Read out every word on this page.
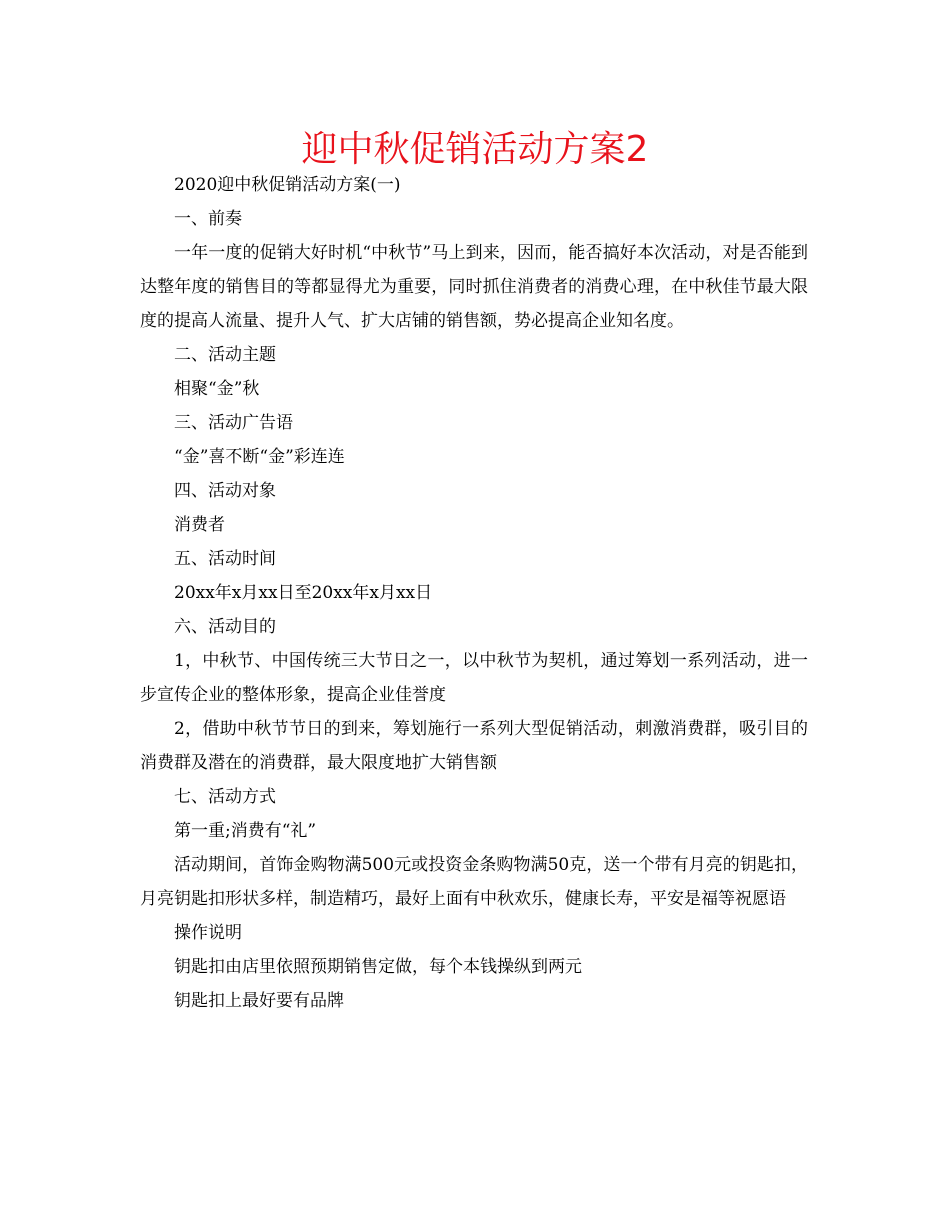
迎中秋促销活动方案2

2020迎中秋促销活动方案(一)

一、前奏

一年一度的促销大好时机“中秋节”马上到来，因而，能否搞好本次活动，对是否能到达整年度的销售目的等都显得尤为重要，同时抓住消费者的消费心理，在中秋佳节最大限度的提高人流量、提升人气、扩大店铺的销售额，势必提高企业知名度。

二、活动主题

相聚“金”秋

三、活动广告语

“金”喜不断“金”彩连连

四、活动对象

消费者

五、活动时间

20xx年x月xx日至20xx年x月xx日

六、活动目的

1，中秋节、中国传统三大节日之一，以中秋节为契机，通过筹划一系列活动，进一步宣传企业的整体形象，提高企业佳誉度

2，借助中秋节节日的到来，筹划施行一系列大型促销活动，刺激消费群，吸引目的消费群及潜在的消费群，最大限度地扩大销售额

七、活动方式

第一重;消费有“礼”

活动期间，首饰金购物满500元或投资金条购物满50克，送一个带有月亮的钥匙扣，月亮钥匙扣形状多样，制造精巧，最好上面有中秋欢乐，健康长寿，平安是福等祝愿语

操作说明

钥匙扣由店里依照预期销售定做，每个本钱操纵到两元

钥匙扣上最好要有品牌
